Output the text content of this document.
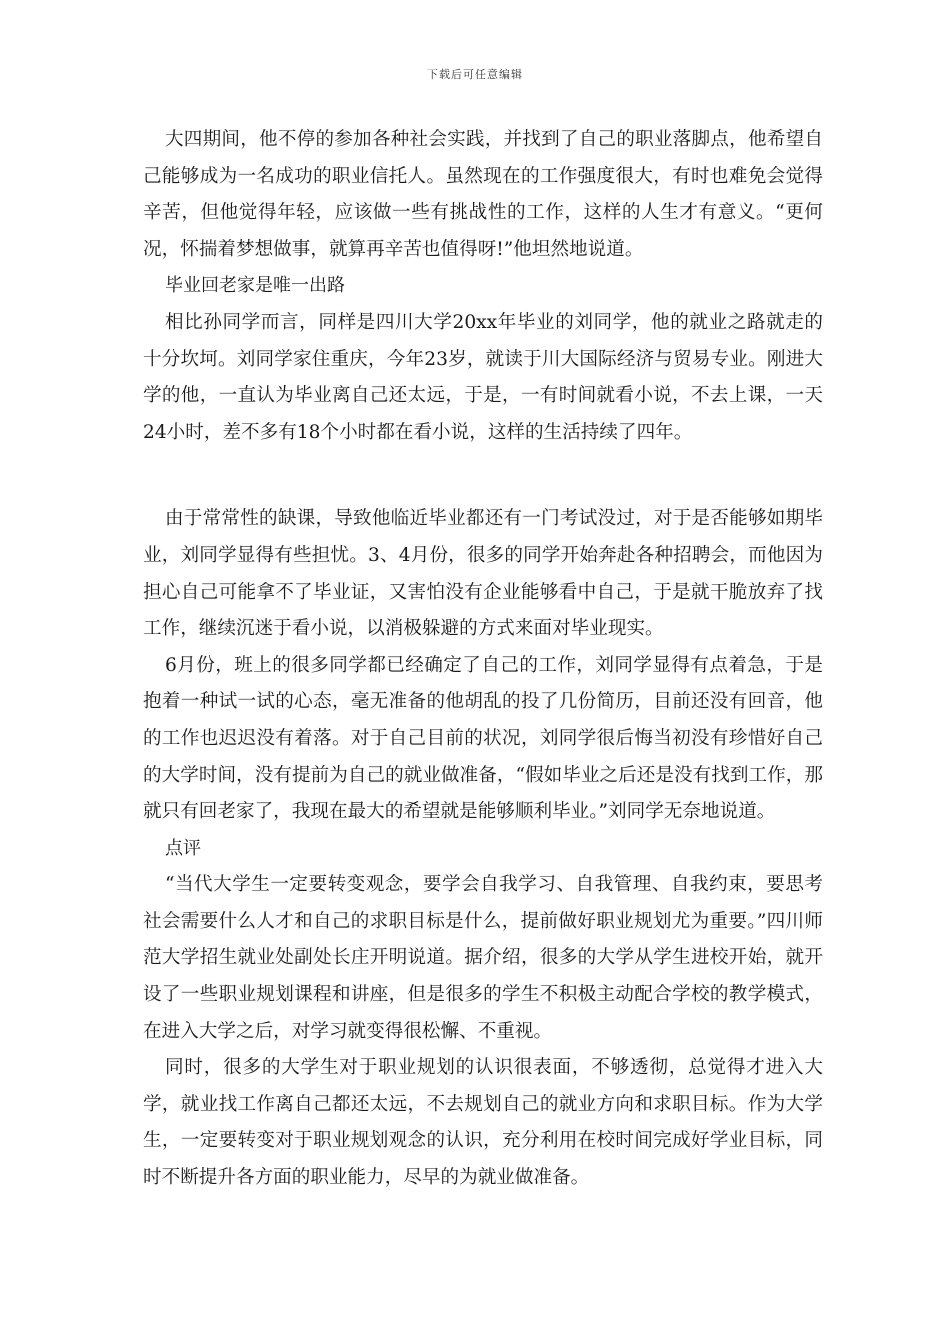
下载后可任意编辑

大四期间，他不停的参加各种社会实践，并找到了自己的职业落脚点，他希望自己能够成为一名成功的职业信托人。虽然现在的工作强度很大，有时也难免会觉得辛苦，但他觉得年轻，应该做一些有挑战性的工作，这样的人生才有意义。“更何况，怀揣着梦想做事，就算再辛苦也值得呀!”他坦然地说道。

毕业回老家是唯一出路

相比孙同学而言，同样是四川大学20xx年毕业的刘同学，他的就业之路就走的十分坎坷。刘同学家住重庆，今年23岁，就读于川大国际经济与贸易专业。刚进大学的他，一直认为毕业离自己还太远，于是，一有时间就看小说，不去上课，一天24小时，差不多有18个小时都在看小说，这样的生活持续了四年。

由于常常性的缺课，导致他临近毕业都还有一门考试没过，对于是否能够如期毕业，刘同学显得有些担忧。3、4月份，很多的同学开始奔赴各种招聘会，而他因为担心自己可能拿不了毕业证，又害怕没有企业能够看中自己，于是就干脆放弃了找工作，继续沉迷于看小说，以消极躲避的方式来面对毕业现实。

6月份，班上的很多同学都已经确定了自己的工作，刘同学显得有点着急，于是抱着一种试一试的心态，毫无准备的他胡乱的投了几份简历，目前还没有回音，他的工作也迟迟没有着落。对于自己目前的状况，刘同学很后悔当初没有珍惜好自己的大学时间，没有提前为自己的就业做准备，“假如毕业之后还是没有找到工作，那就只有回老家了，我现在最大的希望就是能够顺利毕业。”刘同学无奈地说道。

点评

“当代大学生一定要转变观念，要学会自我学习、自我管理、自我约束，要思考社会需要什么人才和自己的求职目标是什么，提前做好职业规划尤为重要。”四川师范大学招生就业处副处长庄开明说道。据介绍，很多的大学从学生进校开始，就开设了一些职业规划课程和讲座，但是很多的学生不积极主动配合学校的教学模式，在进入大学之后，对学习就变得很松懈、不重视。

同时，很多的大学生对于职业规划的认识很表面，不够透彻，总觉得才进入大学，就业找工作离自己都还太远，不去规划自己的就业方向和求职目标。作为大学生，一定要转变对于职业规划观念的认识，充分利用在校时间完成好学业目标，同时不断提升各方面的职业能力，尽早的为就业做准备。
